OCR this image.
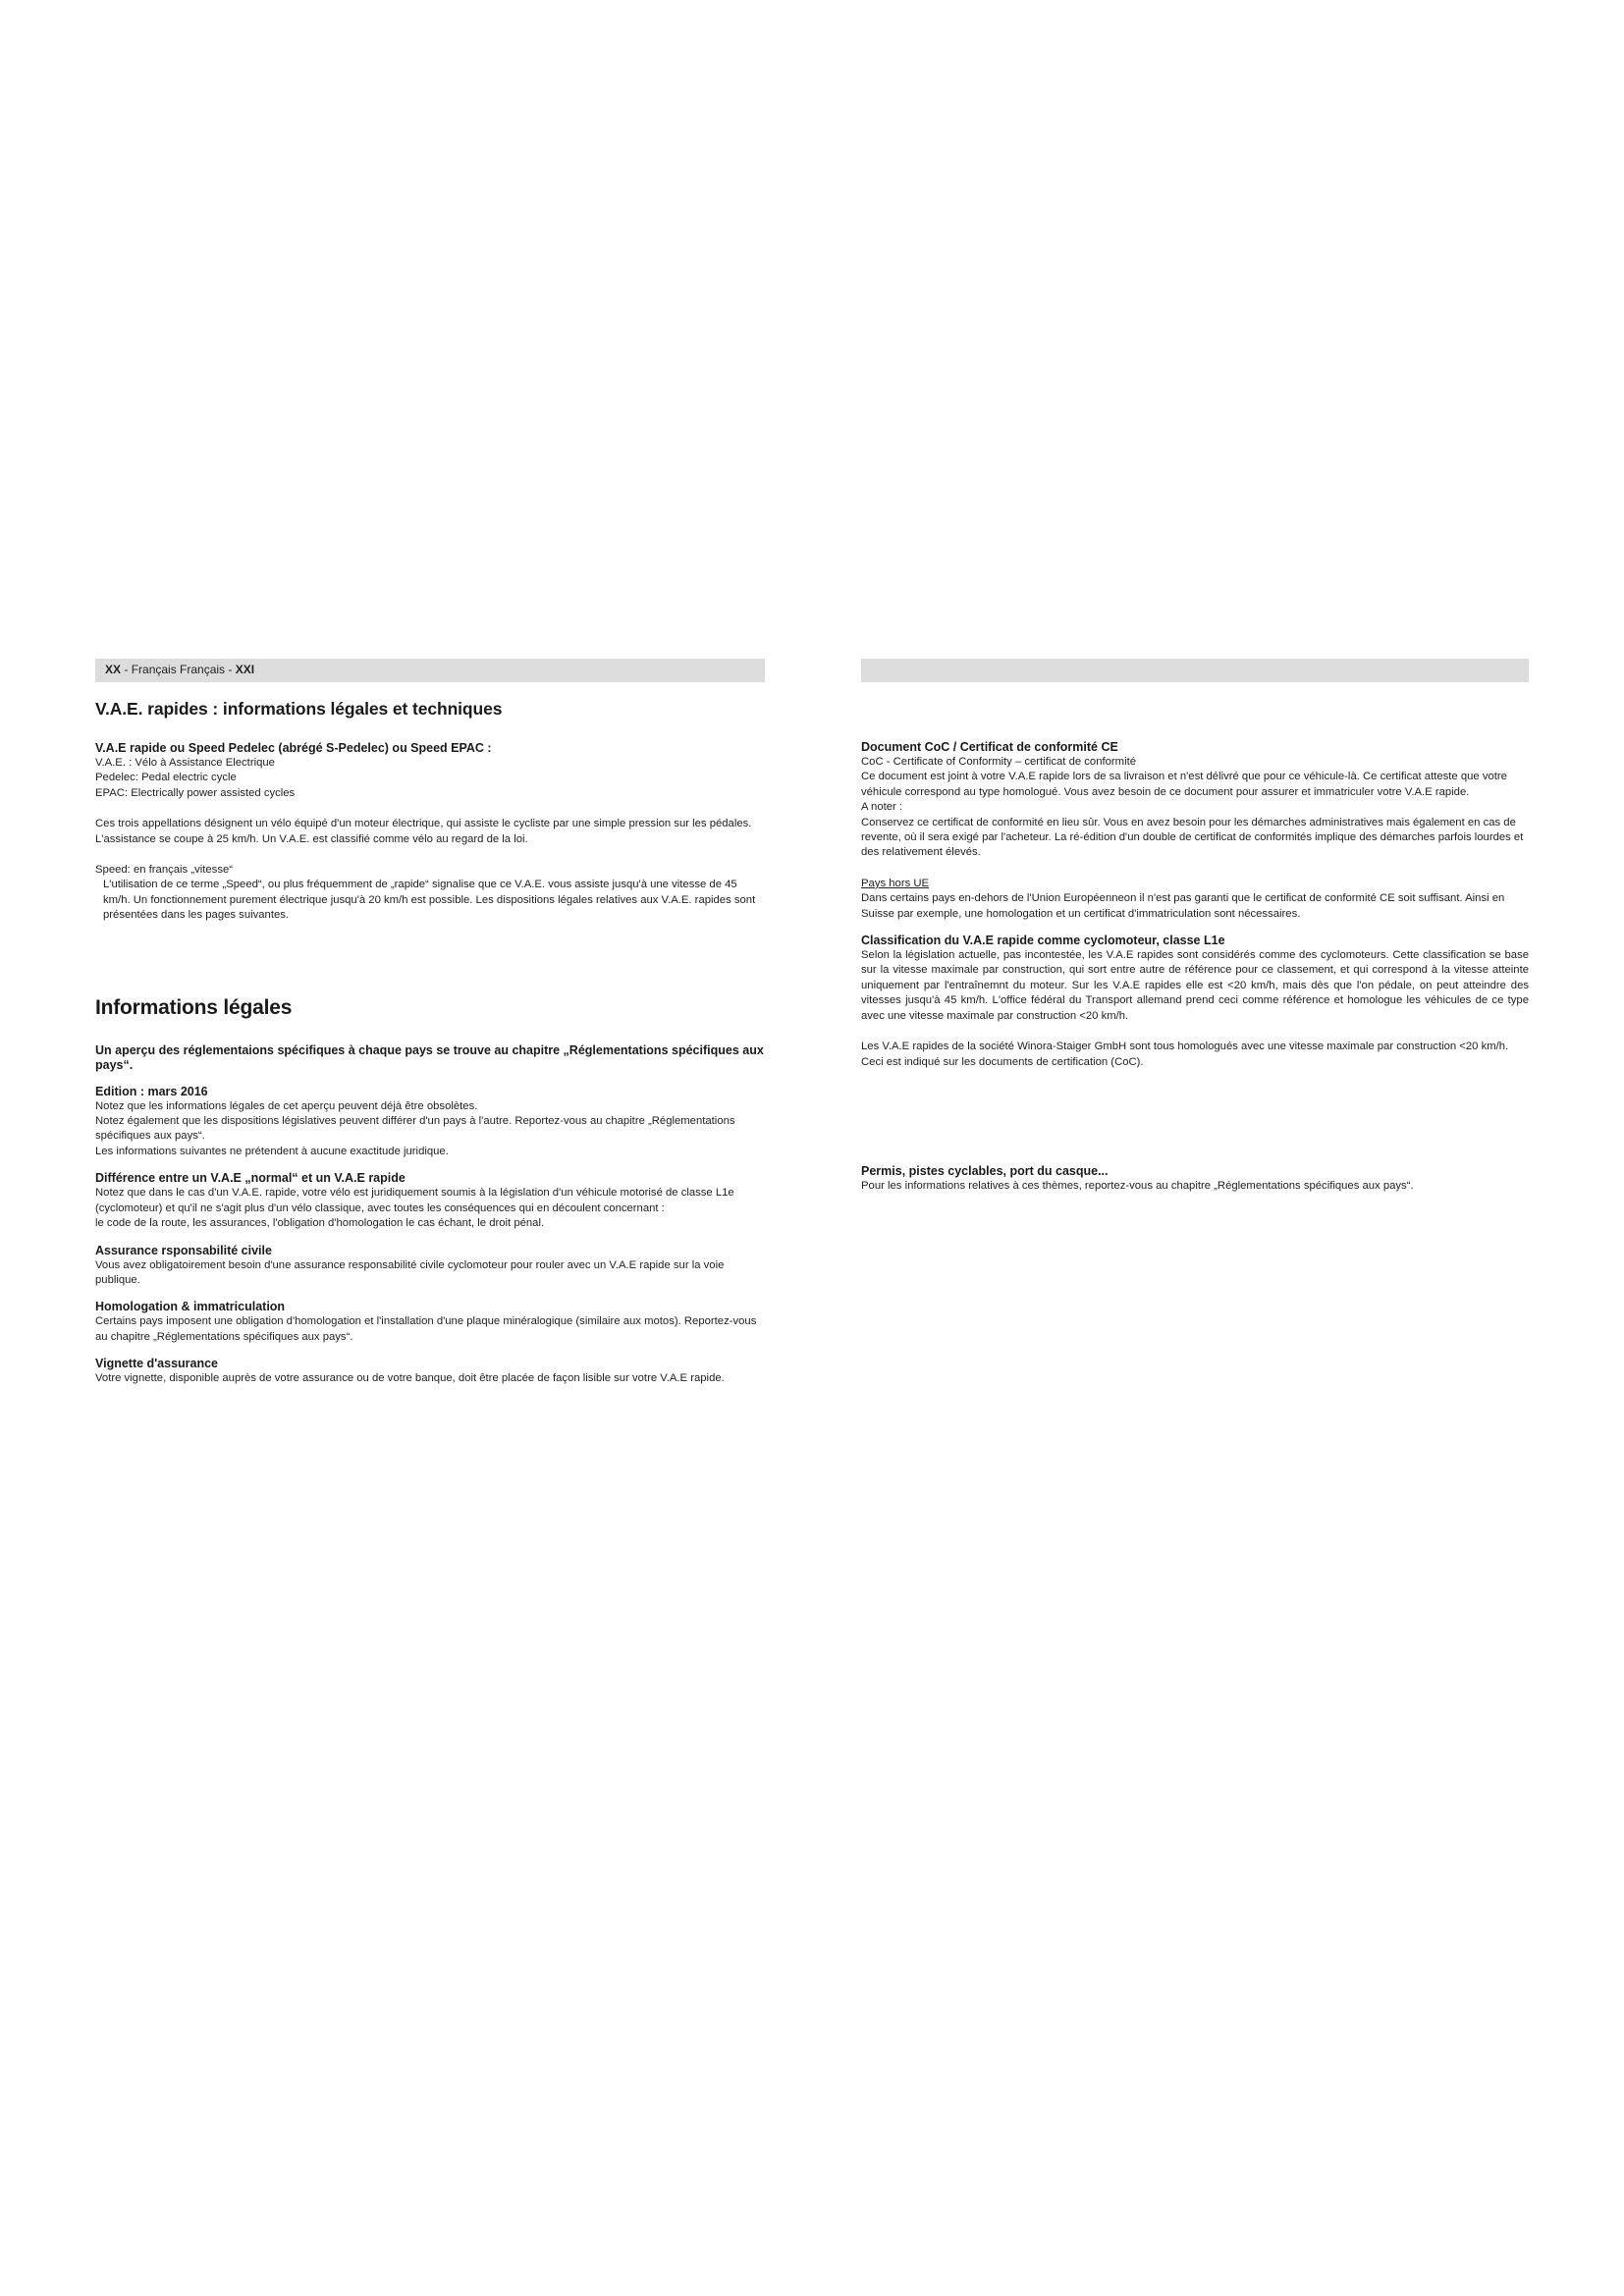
XX - Français Français - XXI
V.A.E. rapides : informations légales et techniques
V.A.E rapide ou Speed Pedelec (abrégé S-Pedelec) ou Speed EPAC :
V.A.E. : Vélo à Assistance Electrique
Pedelec: Pedal electric cycle
EPAC: Electrically power assisted cycles
Ces trois appellations désignent un vélo équipé d'un moteur électrique, qui assiste le cycliste par une simple pression sur les pédales. L'assistance se coupe à 25 km/h. Un V.A.E. est classifié comme vélo au regard de la loi.
Speed: en français „vitesse“
L'utilisation de ce terme „Speed“, ou plus fréquemment de „rapide“ signalise que ce V.A.E. vous assiste jusqu'à une vitesse de 45 km/h. Un fonctionnement purement électrique jusqu'à 20 km/h est possible. Les dispositions légales relatives aux V.A.E. rapides sont présentées dans les pages suivantes.
Informations légales
Un aperçu des réglementaions spécifiques à chaque pays se trouve au chapitre „Réglementations spécifiques aux pays“.
Edition : mars 2016
Notez que les informations légales de cet aperçu peuvent déjà être obsolètes.
Notez également que les dispositions législatives peuvent différer d'un pays à l'autre. Reportez-vous au chapitre „Réglementations spécifiques aux pays“.
Les informations suivantes ne prétendent à aucune exactitude juridique.
Différence entre un V.A.E „normal“ et un V.A.E rapide
Notez que dans le cas d'un V.A.E. rapide, votre vélo est juridiquement soumis à la législation d'un véhicule motorisé de classe L1e (cyclomoteur) et qu'il ne s'agit plus d'un vélo classique, avec toutes les conséquences qui en découlent concernant :
le code de la route, les assurances, l'obligation d'homologation le cas échant, le droit pénal.
Assurance rsponsabilité civile
Vous avez obligatoirement besoin d'une assurance responsabilité civile cyclomoteur pour rouler avec un V.A.E rapide sur la voie publique.
Homologation & immatriculation
Certains pays imposent une obligation d'homologation et l'installation d'une plaque minéralogique (similaire aux motos). Reportez-vous au chapitre „Réglementations spécifiques aux pays“.
Vignette d'assurance
Votre vignette, disponible auprès de votre assurance ou de votre banque, doit être placée de façon lisible sur votre V.A.E rapide.
Document CoC / Certificat de conformité CE
CoC - Certificate of Conformity – certificat de conformité
Ce document est joint à votre V.A.E rapide lors de sa livraison et n'est délivré que pour ce véhicule-là. Ce certificat atteste que votre véhicule correspond au type homologué. Vous avez besoin de ce document pour assurer et immatriculer votre V.A.E rapide.
A noter :
Conservez ce certificat de conformité en lieu sûr. Vous en avez besoin pour les démarches administratives mais également en cas de revente, où il sera exigé par l'acheteur. La ré-édition d'un double de certificat de conformités implique des démarches parfois lourdes et des relativement élevés.
Pays hors UE
Dans certains pays en-dehors de l'Union Européenneon il n'est pas garanti que le certificat de conformité CE soit suffisant. Ainsi en Suisse par exemple, une homologation et un certificat d'immatriculation sont nécessaires.
Classification du V.A.E rapide comme cyclomoteur, classe L1e
Selon la législation actuelle, pas incontestée, les V.A.E rapides sont considérés comme des cyclomoteurs. Cette classification se base sur la vitesse maximale par construction, qui sort entre autre de référence pour ce classement, et qui correspond à la vitesse atteinte uniquement par l'entraînemnt du moteur. Sur les V.A.E rapides elle est <20 km/h, mais dès que l'on pédale, on peut atteindre des vitesses jusqu'à 45 km/h. L'office fédéral du Transport allemand prend ceci comme référence et homologue les véhicules de ce type avec une vitesse maximale par construction <20 km/h.
Les V.A.E rapides de la société Winora-Staiger GmbH sont tous homologués avec une vitesse maximale par construction <20 km/h. Ceci est indiqué sur les documents de certification (CoC).
Permis, pistes cyclables, port du casque...
Pour les informations relatives à ces thèmes, reportez-vous au chapitre „Réglementations spécifiques aux pays“.
